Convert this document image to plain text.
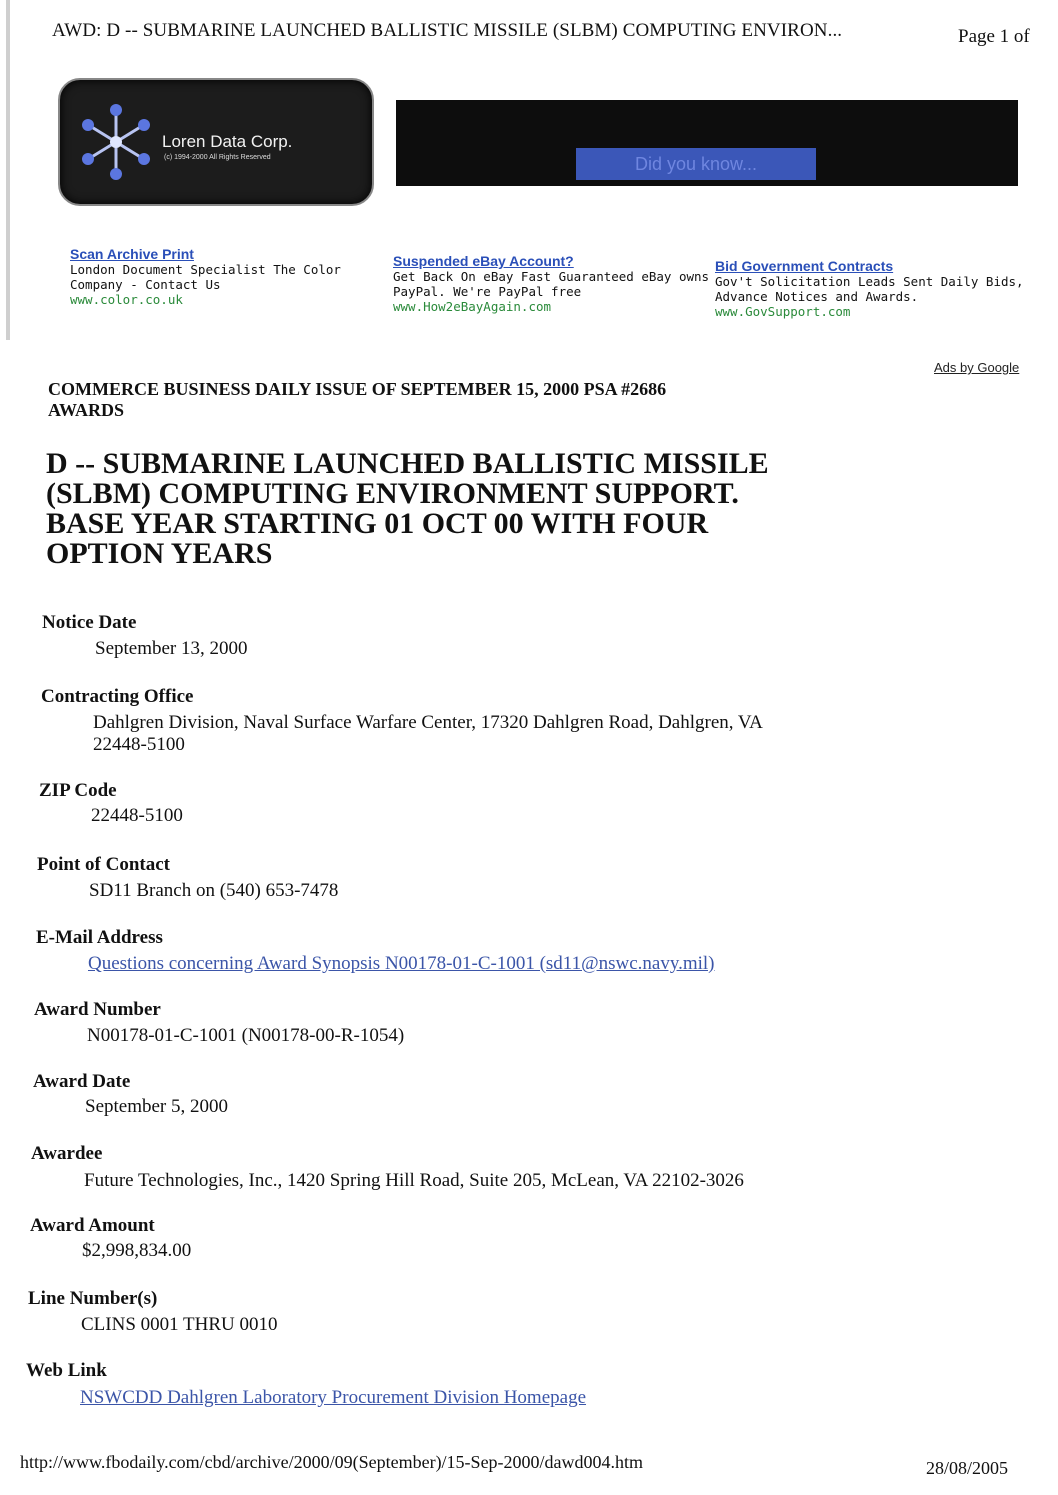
AWD: D -- SUBMARINE LAUNCHED BALLISTIC MISSILE (SLBM) COMPUTING ENVIRON...	Page 1 of
Loren Data Corp.
(c) 1994-2000 All Rights Reserved	Did you know...
Scan Archive Print
London Document Specialist The Color
Company - Contact Us
www.color.co.uk
Suspended eBay Account?
Get Back On eBay Fast Guaranteed eBay owns
PayPal. We're PayPal free
www.How2eBayAgain.com
Bid Government Contracts
Gov't Solicitation Leads Sent Daily Bids,
Advance Notices and Awards.
www.GovSupport.com
Ads by Google
COMMERCE BUSINESS DAILY ISSUE OF SEPTEMBER 15, 2000 PSA #2686
AWARDS
D -- SUBMARINE LAUNCHED BALLISTIC MISSILE
(SLBM) COMPUTING ENVIRONMENT SUPPORT.
BASE YEAR STARTING 01 OCT 00 WITH FOUR
OPTION YEARS
Notice Date
September 13, 2000
Contracting Office
Dahlgren Division, Naval Surface Warfare Center, 17320 Dahlgren Road, Dahlgren, VA
22448-5100
ZIP Code
22448-5100
Point of Contact
SD11 Branch on (540) 653-7478
E-Mail Address
Questions concerning Award Synopsis N00178-01-C-1001 (sd11@nswc.navy.mil)
Award Number
N00178-01-C-1001 (N00178-00-R-1054)
Award Date
September 5, 2000
Awardee
Future Technologies, Inc., 1420 Spring Hill Road, Suite 205, McLean, VA 22102-3026
Award Amount
$2,998,834.00
Line Number(s)
CLINS 0001 THRU 0010
Web Link
NSWCDD Dahlgren Laboratory Procurement Division Homepage
http://www.fbodaily.com/cbd/archive/2000/09(September)/15-Sep-2000/dawd004.htm	28/08/2005
